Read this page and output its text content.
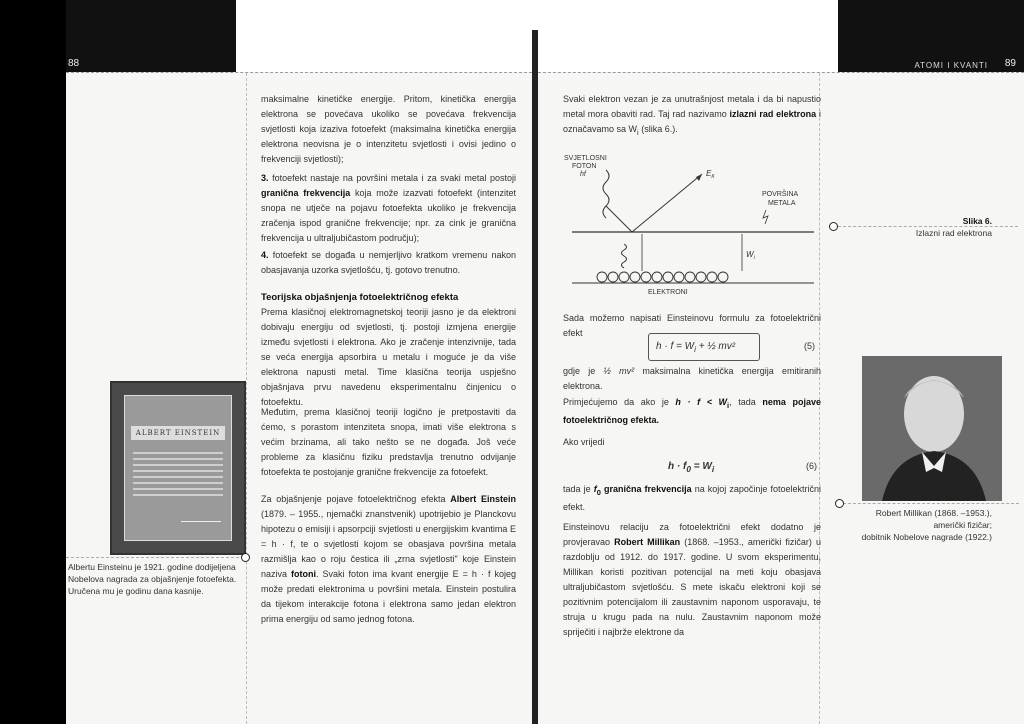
88	ATOMI I KVANTI 89

maksimalne kinetičke energije. Pritom, kinetička energija elektrona se povećava ukoliko se povećava frekvencija svjetlosti koja izaziva fotoefekt (maksimalna kinetička energija elektrona neovisna je o intenzitetu svjetlosti i ovisi jedino o frekvenciji svjetlosti);

3. fotoefekt nastaje na površini metala i za svaki metal postoji granična frekvencija koja može izazvati fotoefekt (intenzitet snopa ne utječe na pojavu fotoefekta ukoliko je frekvencija zračenja ispod granične frekvencije; npr. za cink je granična frekvencija u ultraljubičastom području);

4. fotoefekt se događa u nemjerljivo kratkom vremenu nakon obasjavanja uzorka svjetlošću, tj. gotovo trenutno.

Teorijska objašnjenja fotoelektričnog efekta

Prema klasičnoj elektromagnetskoj teoriji jasno je da elektroni dobivaju energiju od svjetlosti, tj. postoji izmjena energije između svjetlosti i elektrona. Ako je zračenje intenzivnije, tada se veća energija apsorbira u metalu i moguće je da više elektrona napusti metal. Time klasična teorija uspješno objašnjava prvu navedenu eksperimentalnu činjenicu o fotoefektu.

Međutim, prema klasičnoj teoriji logično je pretpostaviti da ćemo, s porastom intenziteta snopa, imati više elektrona s većim brzinama, ali tako nešto se ne događa. Još veće probleme za klasičnu fiziku predstavlja trenutno odvijanje fotoefekta te postojanje granične frekvencije za fotoefekt.

Za objašnjenje pojave fotoelektričnog efekta Albert Einstein (1879. – 1955., njemački znanstvenik) upotrijebio je Planckovu hipotezu o emisiji i apsorpciji svjetlosti u energijskim kvantima E = h · f, te o svjetlosti kojom se obasjava površina metala razmišlja kao o roju čestica ili „zrna svjetlosti" koje Einstein naziva fotoni. Svaki foton ima kvant energije E = h · f kojeg može predati elektronima u površini metala. Einstein postulira da tijekom interakcije fotona i elektrona samo jedan elektron prima energiju od samo jednog fotona.

ALBERT EINSTEIN
Albertu Einsteinu je 1921. godine dodijeljena Nobelova nagrada za objašnjenje fotoefekta. Uručena mu je godinu dana kasnije.

Svaki elektron vezan je za unutrašnjost metala i da bi napustio metal mora obaviti rad. Taj rad nazivamo izlazni rad elektrona i označavamo sa $W_i$ (slika 6.).

SVJETLOSNI
FOTON
hf	$E_K$
POVRŠINA
METALA
$W_i$
ELEKTRONI
Slika 6.
Izlazni rad elektrona

Sada možemo napisati Einsteinovu formulu za fotoelektrični efekt

$h \cdot f = W_i$ + ½ mv²	(5)

gdje je ½ mv² maksimalna kinetička energija emitiranih elektrona.

Primjećujemo da ako je $h \cdot f < W_i$, tada nema pojave fotoelektričnog efekta.

Ako vrijedi

$h \cdot f_0 = W_i$	(6)

tada je $f_0$ granična frekvencija na kojoj započinje fotoelektrični efekt.

Einsteinovu relaciju za fotoelektrični efekt dodatno je provjeravao Robert Millikan (1868. –1953., američki fizičar) u razdoblju od 1912. do 1917. godine. U svom eksperimentu, Millikan koristi pozitivan potencijal na meti koju obasjava ultraljubičastom svjetlošću. S mete iskaču elektroni koji se pozitivnim potencijalom ili zaustavnim naponom usporavaju, te struja u krugu pada na nulu. Zaustavnim naponom može spriječiti i najbrže elektrone da

Robert Millikan (1868. –1953.),
američki fizičar;
dobitnik Nobelove nagrade (1922.)
